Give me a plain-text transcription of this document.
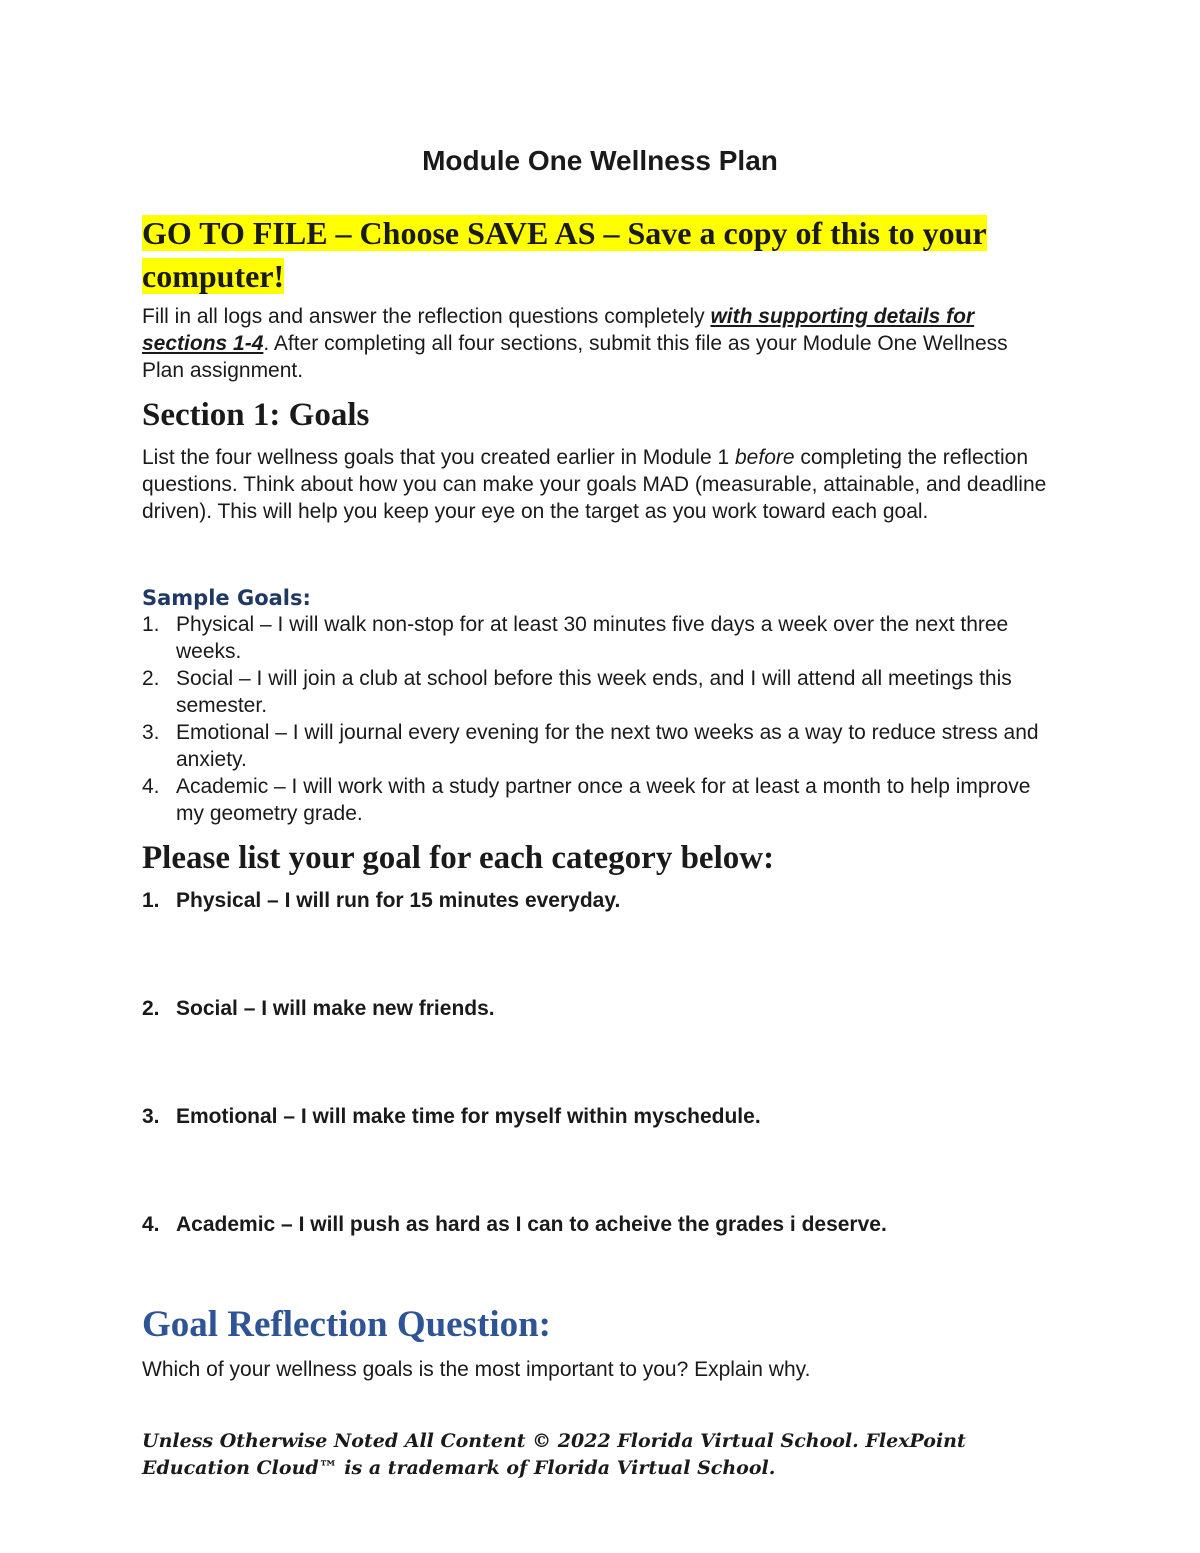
Module One Wellness Plan

GO TO FILE – Choose SAVE AS – Save a copy of this to your computer!

Fill in all logs and answer the reflection questions completely with supporting details for sections 1-4. After completing all four sections, submit this file as your Module One Wellness Plan assignment.

Section 1: Goals

List the four wellness goals that you created earlier in Module 1 before completing the reflection questions. Think about how you can make your goals MAD (measurable, attainable, and deadline driven). This will help you keep your eye on the target as you work toward each goal.

Sample Goals:
1. Physical – I will walk non-stop for at least 30 minutes five days a week over the next three weeks.
2. Social – I will join a club at school before this week ends, and I will attend all meetings this semester.
3. Emotional – I will journal every evening for the next two weeks as a way to reduce stress and anxiety.
4. Academic – I will work with a study partner once a week for at least a month to help improve my geometry grade.
Please list your goal for each category below:
1. Physical – I will run for 15 minutes everyday.
2. Social – I will make new friends.
3. Emotional – I will make time for myself within myschedule.
4. Academic – I will push as hard as I can to acheive the grades i deserve.
Goal Reflection Question:

Which of your wellness goals is the most important to you? Explain why.

Unless Otherwise Noted All Content © 2022 Florida Virtual School. FlexPoint Education Cloud™ is a trademark of Florida Virtual School.
